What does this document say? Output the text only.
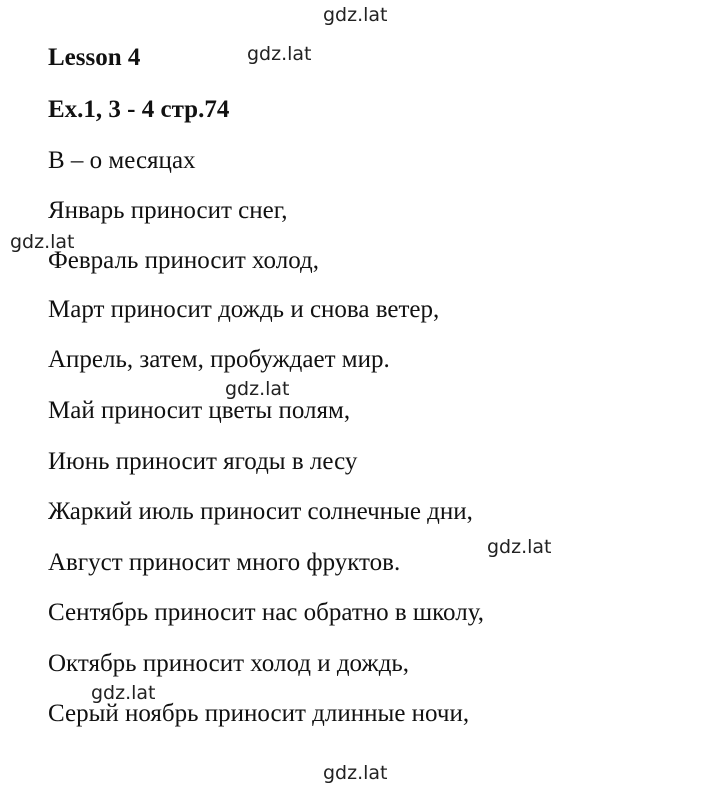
Lesson 4
Ex.1, 3 - 4 стр.74
В – о месяцах
Январь приносит снег,
Февраль приносит холод,
Март приносит дождь и снова ветер,
Апрель, затем, пробуждает мир.
Май приносит цветы полям,
Июнь приносит ягоды в лесу
Жаркий июль приносит солнечные дни,
Август приносит много фруктов.
Сентябрь приносит нас обратно в школу,
Октябрь приносит холод и дождь,
Серый ноябрь приносит длинные ночи,
gdz.lat
gdz.lat
gdz.lat
gdz.lat
gdz.lat
gdz.lat
gdz.lat
